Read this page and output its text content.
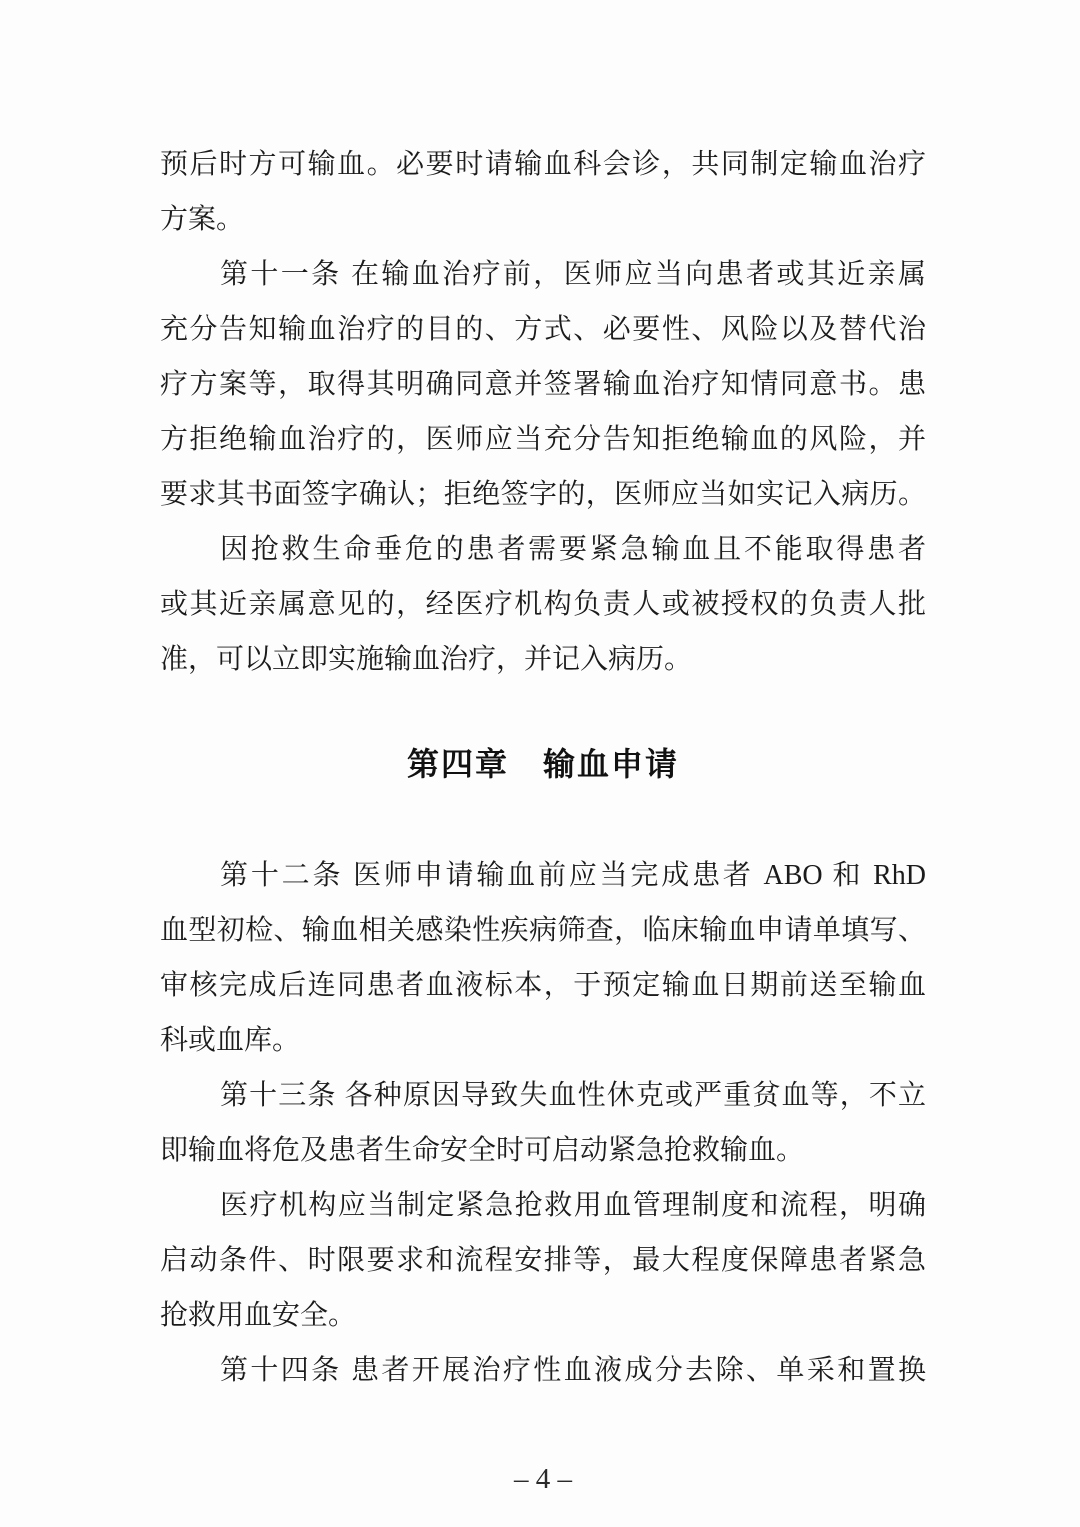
预后时方可输血。必要时请输血科会诊，共同制定输血治疗
方案。
第十一条 在输血治疗前，医师应当向患者或其近亲属
充分告知输血治疗的目的、方式、必要性、风险以及替代治
疗方案等，取得其明确同意并签署输血治疗知情同意书。患
方拒绝输血治疗的，医师应当充分告知拒绝输血的风险，并
要求其书面签字确认；拒绝签字的，医师应当如实记入病历。
因抢救生命垂危的患者需要紧急输血且不能取得患者
或其近亲属意见的，经医疗机构负责人或被授权的负责人批
准，可以立即实施输血治疗，并记入病历。
第四章　输血申请
第十二条 医师申请输血前应当完成患者 ABO 和 RhD
血型初检、输血相关感染性疾病筛查，临床输血申请单填写、
审核完成后连同患者血液标本，于预定输血日期前送至输血
科或血库。
第十三条 各种原因导致失血性休克或严重贫血等，不立
即输血将危及患者生命安全时可启动紧急抢救输血。
医疗机构应当制定紧急抢救用血管理制度和流程，明确
启动条件、时限要求和流程安排等，最大程度保障患者紧急
抢救用血安全。
第十四条 患者开展治疗性血液成分去除、单采和置换
– 4 –
